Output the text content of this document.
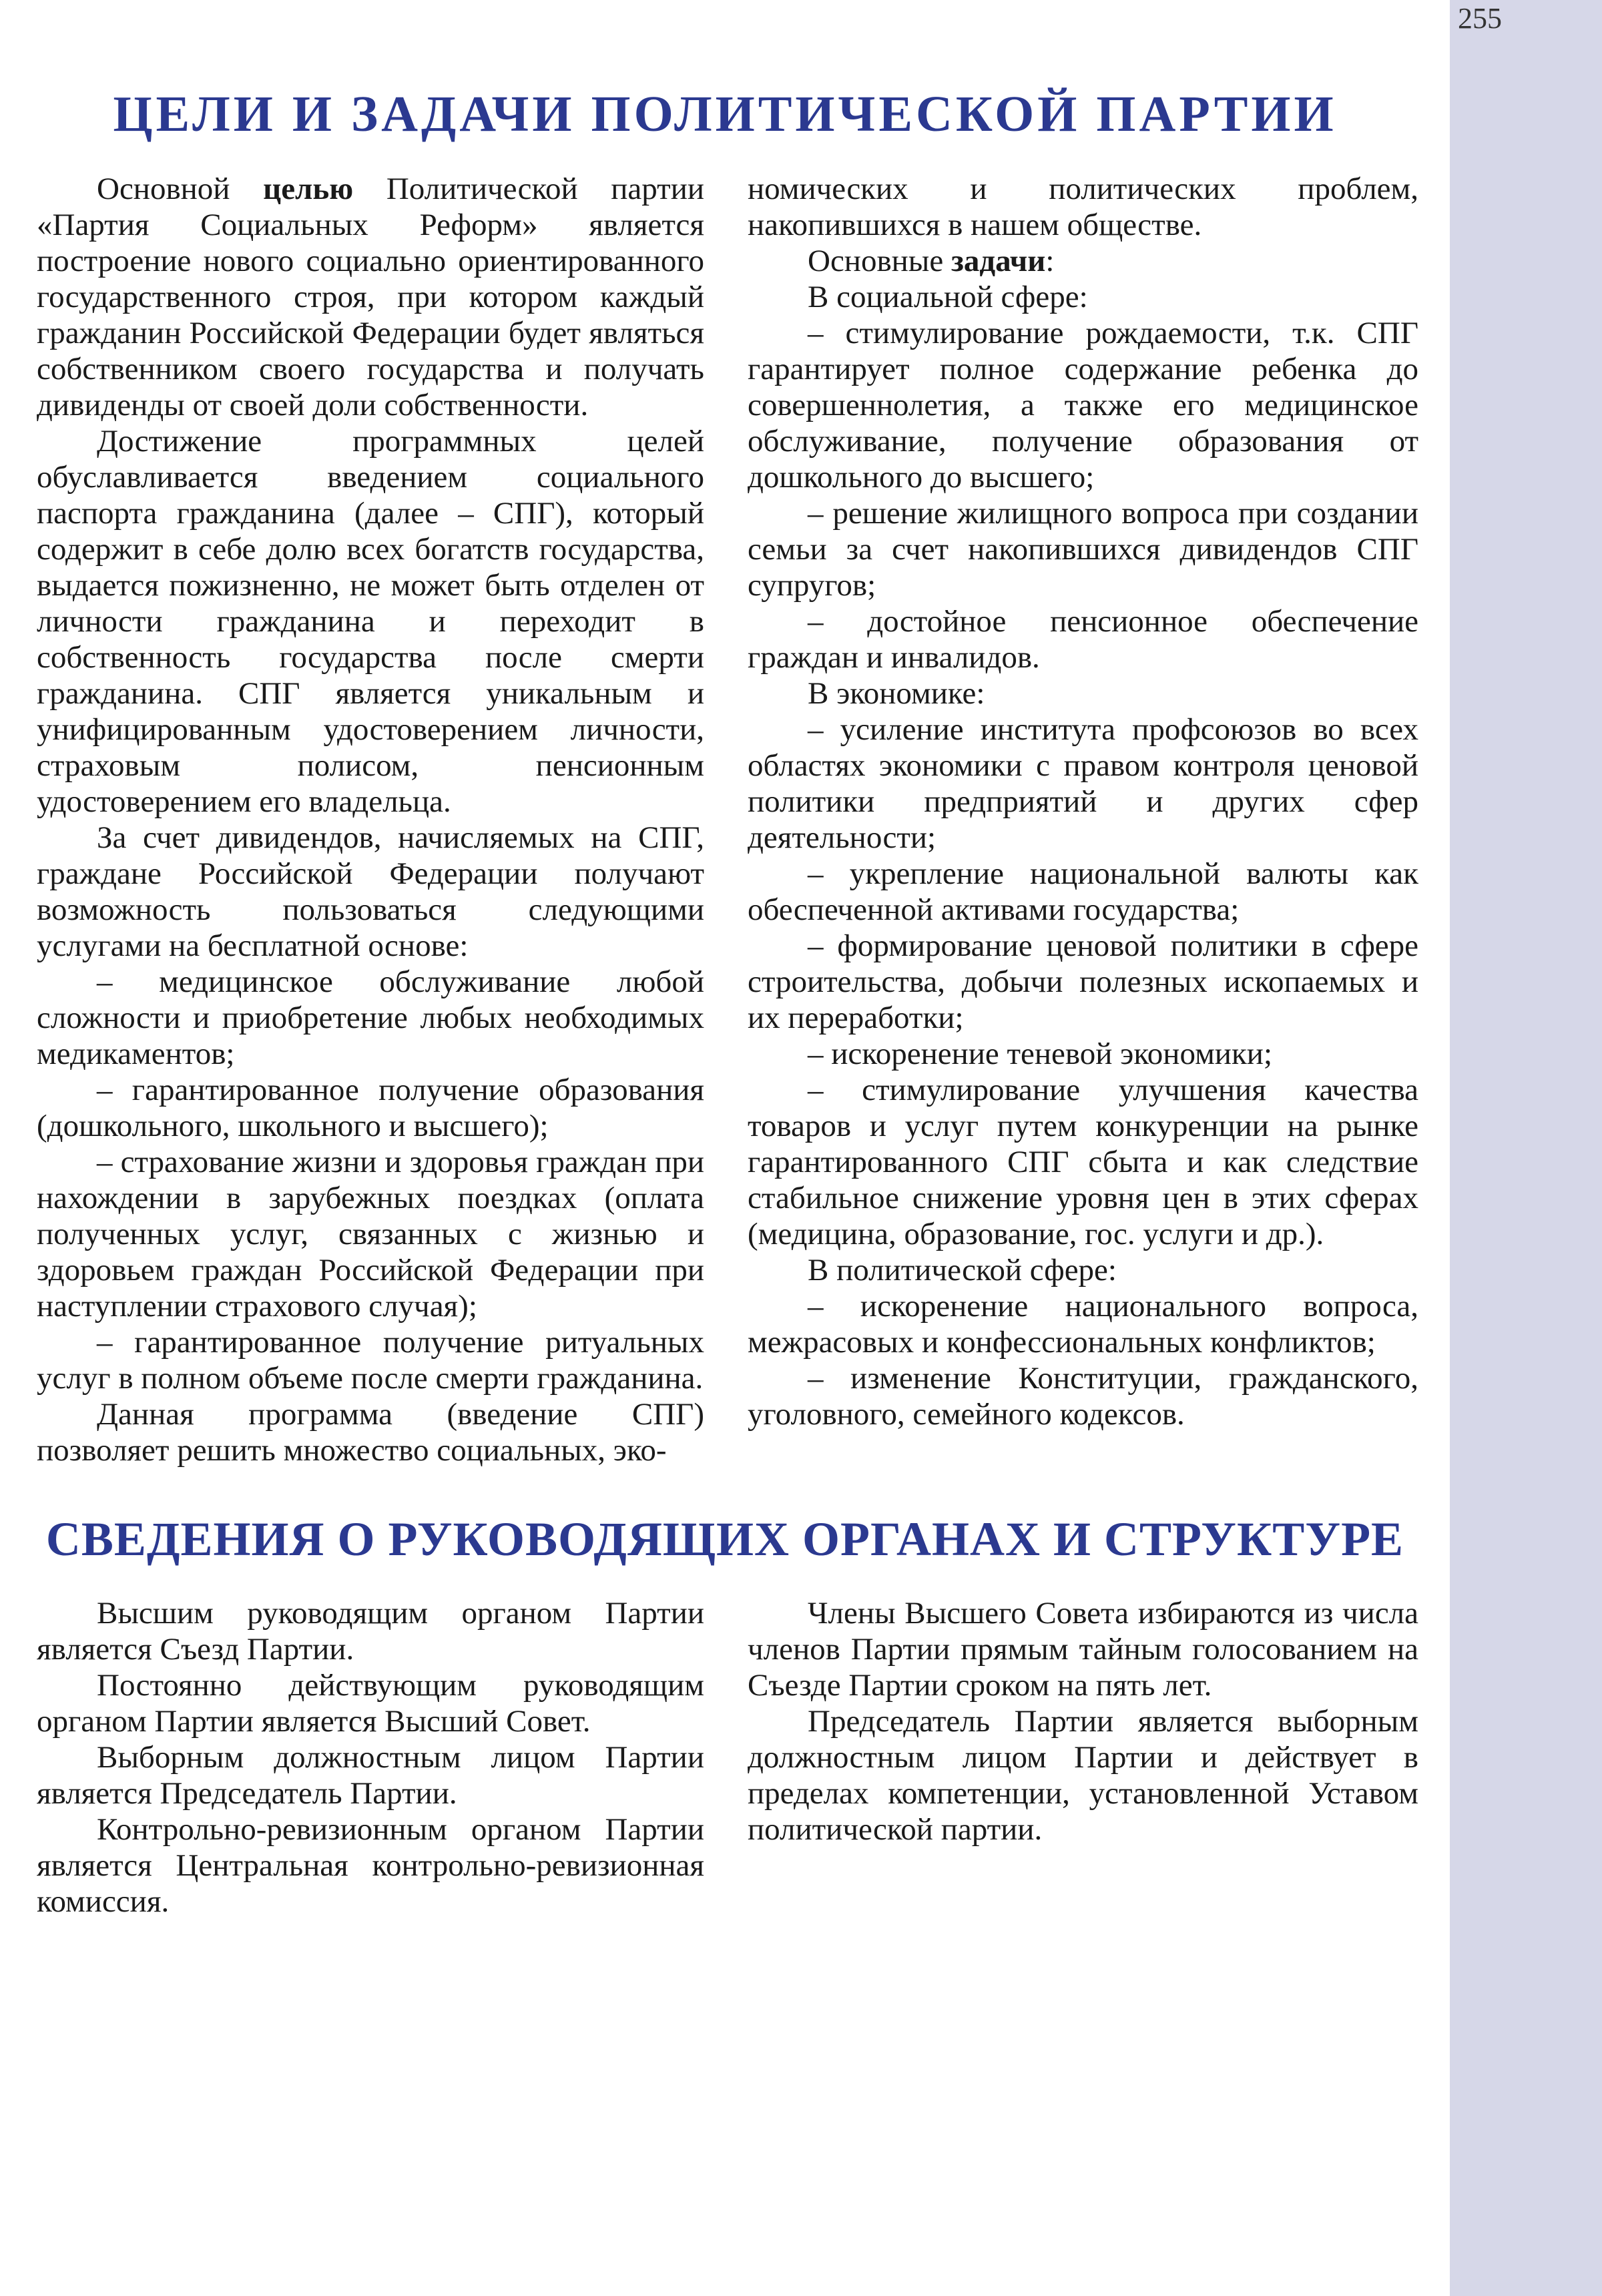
255
ЦЕЛИ И ЗАДАЧИ ПОЛИТИЧЕСКОЙ ПАРТИИ

Основной целью Политической партии «Партия Социальных Реформ» является построение нового социально ориентированного государственного строя, при котором каждый гражданин Российской Федерации будет являться собственником своего государства и получать дивиденды от своей доли собственности.

Достижение программных целей обуславливается введением социального паспорта гражданина (далее – СПГ), который содержит в себе долю всех богатств государства, выдается пожизненно, не может быть отделен от личности гражданина и переходит в собственность государства после смерти гражданина. СПГ является уникальным и унифицированным удостоверением личности, страховым полисом, пенсионным удостоверением его владельца.

За счет дивидендов, начисляемых на СПГ, граждане Российской Федерации получают возможность пользоваться следующими услугами на бесплатной основе:

– медицинское обслуживание любой сложности и приобретение любых необходимых медикаментов;

– гарантированное получение образования (дошкольного, школьного и высшего);

– страхование жизни и здоровья граждан при нахождении в зарубежных поездках (оплата полученных услуг, связанных с жизнью и здоровьем граждан Российской Федерации при наступлении страхового случая);

– гарантированное получение ритуальных услуг в полном объеме после смерти гражданина.

Данная программа (введение СПГ) позволяет решить множество социальных, эко-

номических и политических проблем, накопившихся в нашем обществе.

Основные задачи:

В социальной сфере:

– стимулирование рождаемости, т.к. СПГ гарантирует полное содержание ребенка до совершеннолетия, а также его медицинское обслуживание, получение образования от дошкольного до высшего;

– решение жилищного вопроса при создании семьи за счет накопившихся дивидендов СПГ супругов;

– достойное пенсионное обеспечение граждан и инвалидов.

В экономике:

– усиление института профсоюзов во всех областях экономики с правом контроля ценовой политики предприятий и других сфер деятельности;

– укрепление национальной валюты как обеспеченной активами государства;

– формирование ценовой политики в сфере строительства, добычи полезных ископаемых и их переработки;

– искоренение теневой экономики;

– стимулирование улучшения качества товаров и услуг путем конкуренции на рынке гарантированного СПГ сбыта и как следствие стабильное снижение уровня цен в этих сферах (медицина, образование, гос. услуги и др.).

В политической сфере:

– искоренение национального вопроса, межрасовых и конфессиональных конфликтов;

– изменение Конституции, гражданского, уголовного, семейного кодексов.

СВЕДЕНИЯ О РУКОВОДЯЩИХ ОРГАНАХ И СТРУКТУРЕ

Высшим руководящим органом Партии является Съезд Партии.

Постоянно действующим руководящим органом Партии является Высший Совет.

Выборным должностным лицом Партии является Председатель Партии.

Контрольно-ревизионным органом Партии является Центральная контрольно-ревизионная комиссия.

Члены Высшего Совета избираются из числа членов Партии прямым тайным голосованием на Съезде Партии сроком на пять лет.

Председатель Партии является выборным должностным лицом Партии и действует в пределах компетенции, установленной Уставом политической партии.
